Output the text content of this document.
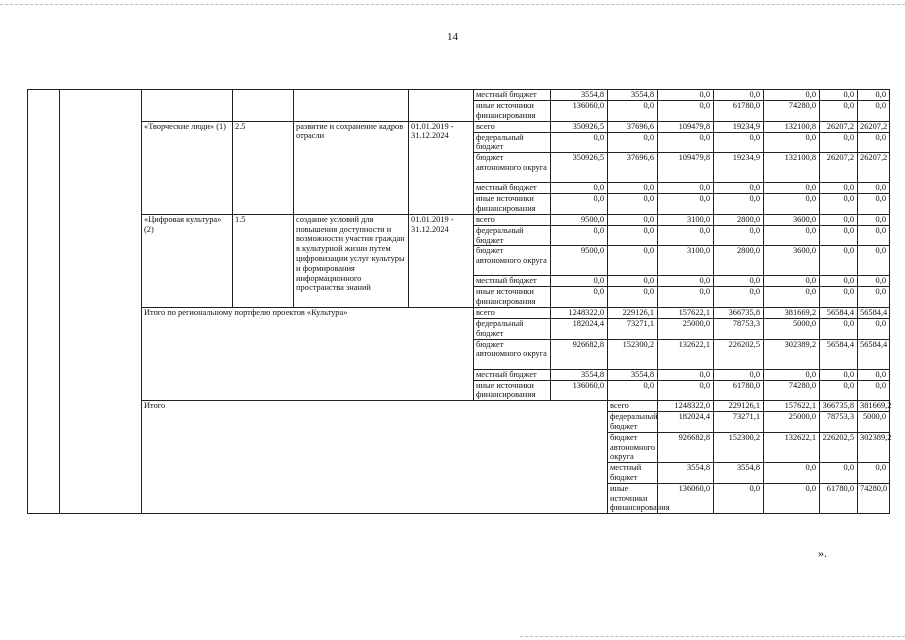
14
						местный бюджет	3554,8	3554,8	0,0	0,0	0,0	0,0	0,0	
						иные источники финансирования	136060,0	0,0	0,0	61780,0	74280,0	0,0	0,0	
		«Творческие люди» (1)	2.5	развитие и сохранение кадров отрасли	01.01.2019 - 31.12.2024	всего	350926,5	37696,6	109479,8	19234,9	132100,8	26207,2	26207,2	
						федеральный бюджет	0,0	0,0	0,0	0,0	0,0	0,0	0,0	
						бюджет автономного округа	350926,5	37696,6	109479,8	19234,9	132100,8	26207,2	26207,2	
						местный бюджет	0,0	0,0	0,0	0,0	0,0	0,0	0,0	
						иные источники финансирования	0,0	0,0	0,0	0,0	0,0	0,0	0,0	
		«Цифровая культура» (2)	1.5	создание условий для повышения доступности и возможности участия граждан в культурной жизни путем цифровизации услуг культуры и формирования информационного пространства знаний	01.01.2019 - 31.12.2024	всего	9500,0	0,0	3100,0	2800,0	3600,0	0,0	0,0	
						федеральный бюджет	0,0	0,0	0,0	0,0	0,0	0,0	0,0	
						бюджет автономного округа	9500,0	0,0	3100,0	2800,0	3600,0	0,0	0,0	
						местный бюджет	0,0	0,0	0,0	0,0	0,0	0,0	0,0	
						иные источники финансирования	0,0	0,0	0,0	0,0	0,0	0,0	0,0	
		Итого по региональному портфелю проектов «Культура»				всего	1248322,0	229126,1	157622,1	366735,8	381669,2	56584,4	56584,4	
						федеральный бюджет	182024,4	73271,1	25000,0	78753,3	5000,0	0,0	0,0	
						бюджет автономного округа	926682,8	152300,2	132622,1	226202,5	302389,2	56584,4	56584,4	
						местный бюджет	3554,8	3554,8	0,0	0,0	0,0	0,0	0,0	
						иные источники финансирования	136060,0	0,0	0,0	61780,0	74280,0	0,0	0,0	
		Итого						всего	1248322,0	229126,1	157622,1	366735,8	381669,2		
								федеральный бюджет	182024,4	73271,1	25000,0	78753,3	5000,0		
								бюджет автономного округа	926682,8	152300,2	132622,1	226202,5	302389,2		
								местный бюджет	3554,8	3554,8	0,0	0,0	0,0		
								иные источники финансирования	136060,0	0,0	0,0	61780,0	74280,0		
».
